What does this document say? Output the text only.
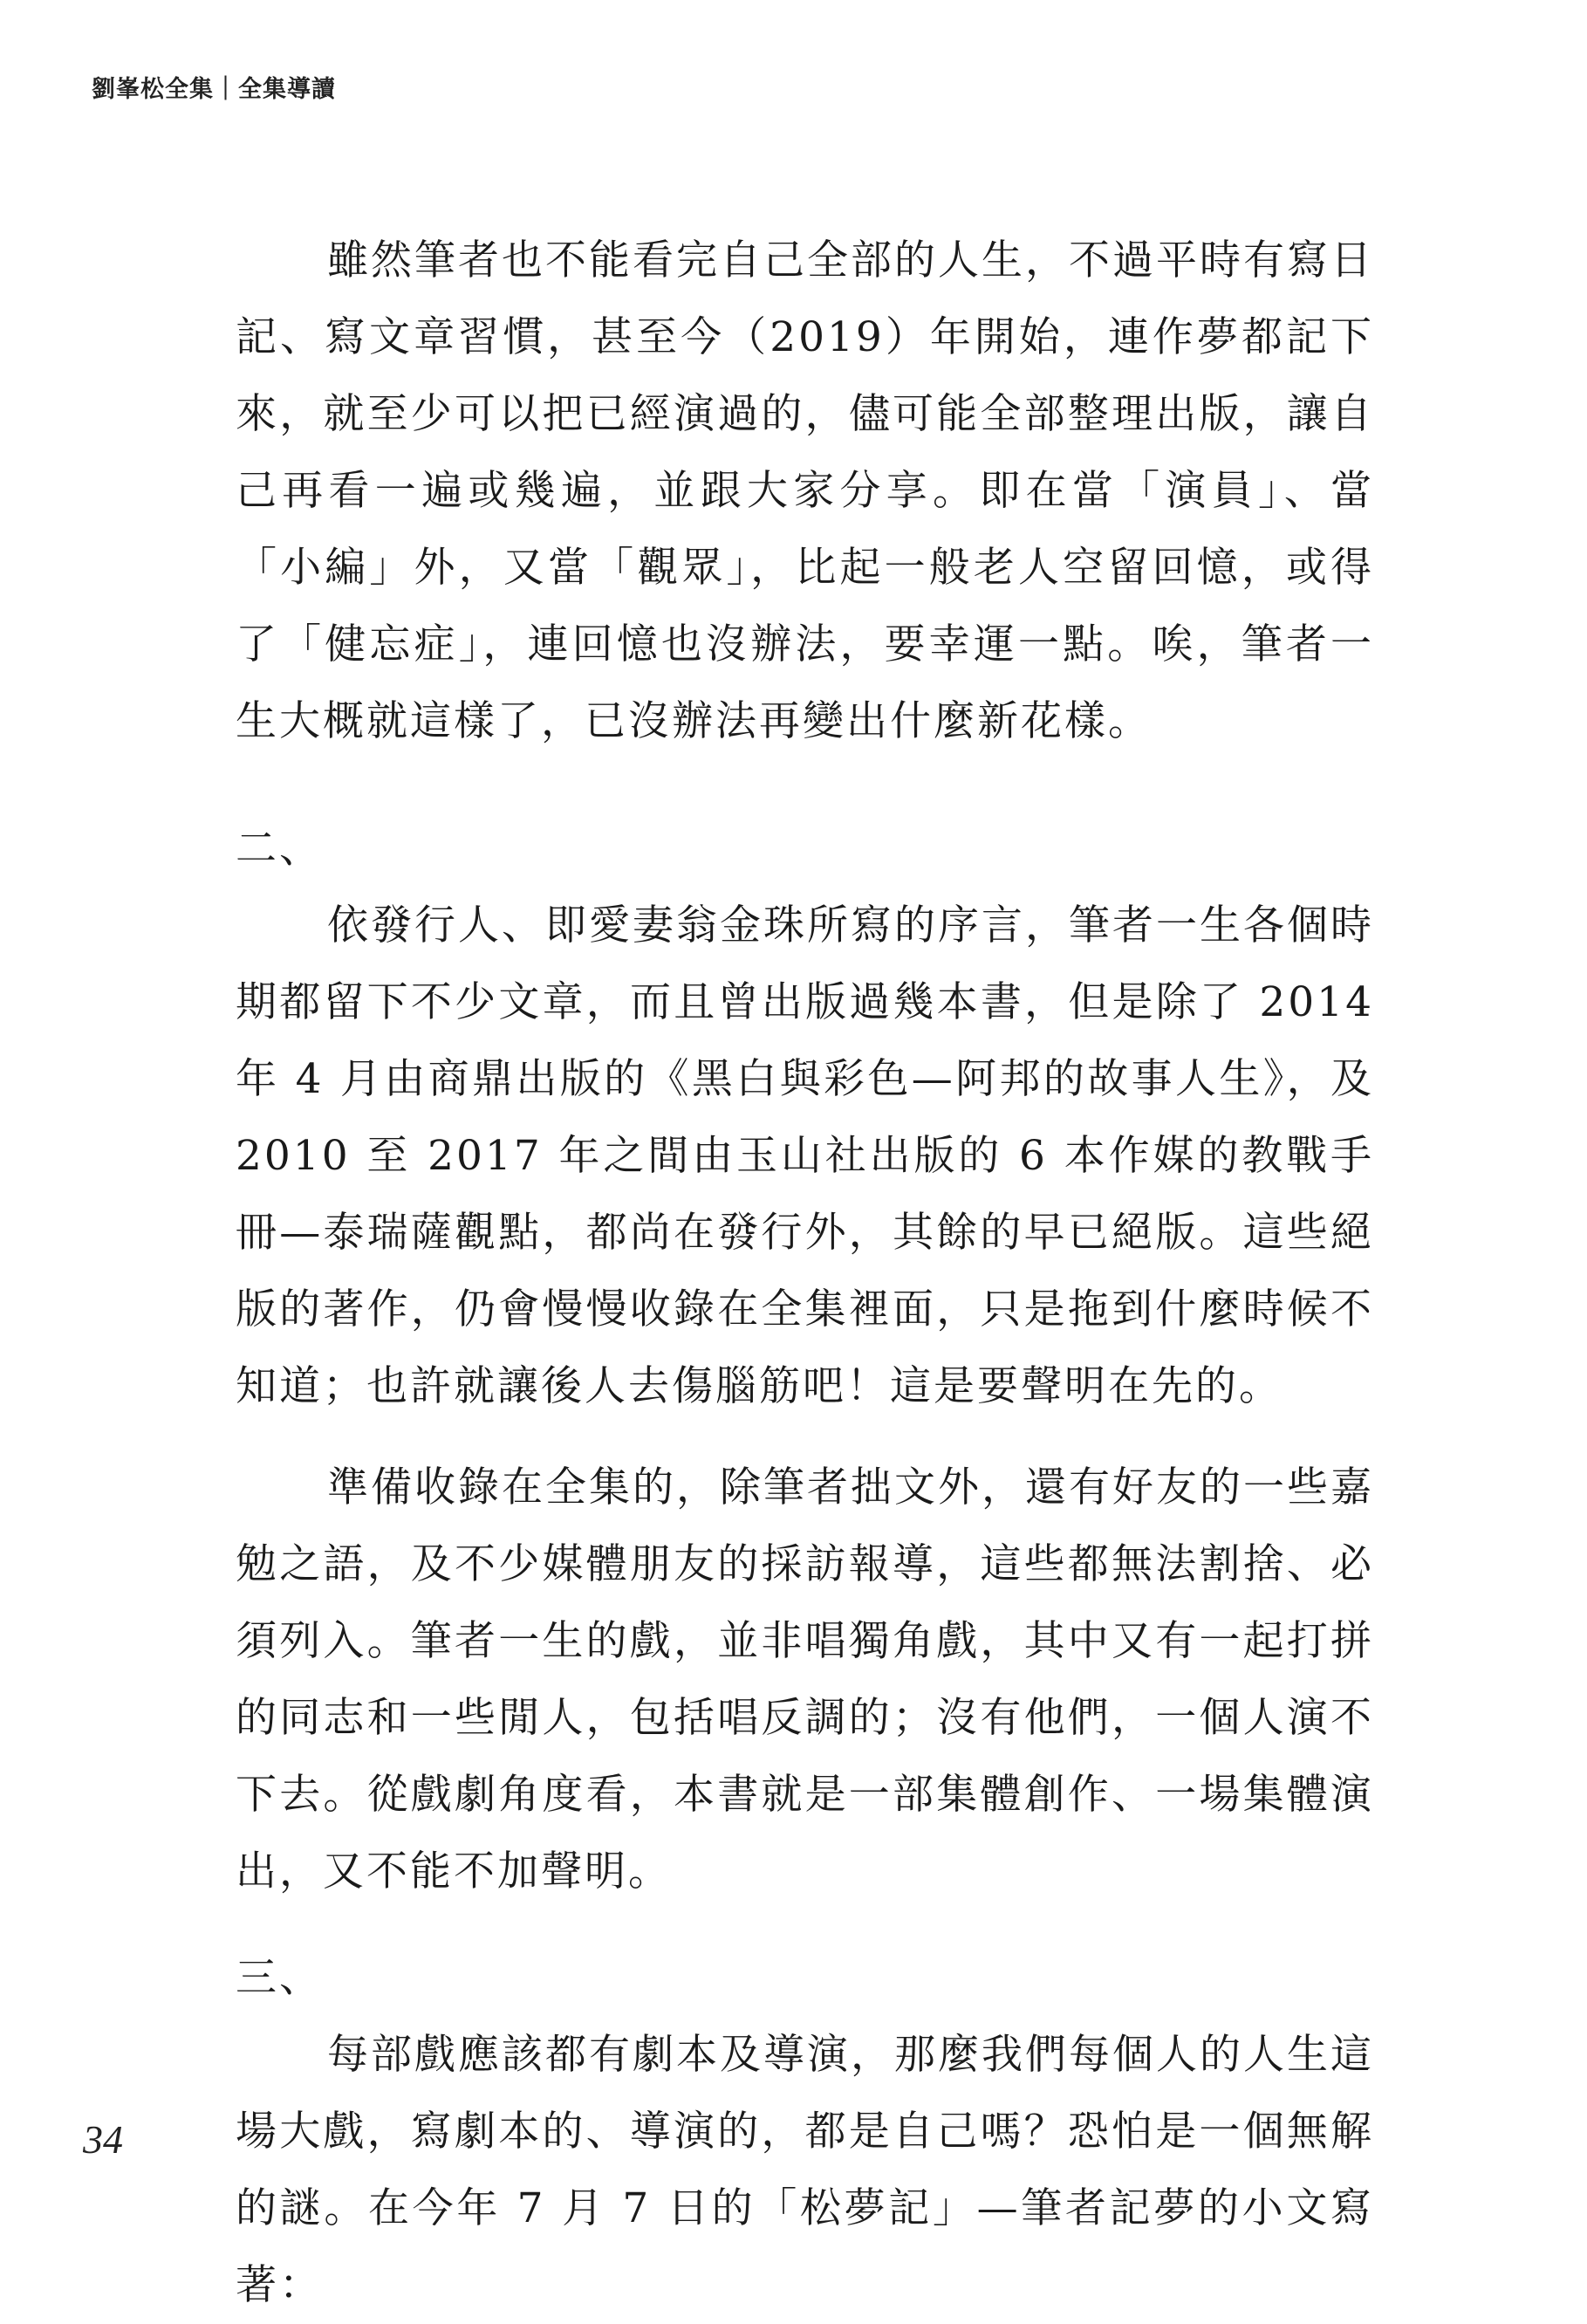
劉峯松全集｜全集導讀

雖然筆者也不能看完自己全部的人生，不過平時有寫日記、寫文章習慣，甚至今（2019）年開始，連作夢都記下來，就至少可以把已經演過的，儘可能全部整理出版，讓自己再看一遍或幾遍，並跟大家分享。即在當「演員」、當「小編」外，又當「觀眾」，比起一般老人空留回憶，或得了「健忘症」，連回憶也沒辦法，要幸運一點。唉，筆者一生大概就這樣了，已沒辦法再變出什麼新花樣。

二、

依發行人、即愛妻翁金珠所寫的序言，筆者一生各個時期都留下不少文章，而且曾出版過幾本書，但是除了 2014 年 4 月由商鼎出版的《黑白與彩色—阿邦的故事人生》，及 2010 至 2017 年之間由玉山社出版的 6 本作媒的教戰手冊—泰瑞薩觀點，都尚在發行外，其餘的早已絕版。這些絕版的著作，仍會慢慢收錄在全集裡面，只是拖到什麼時候不知道；也許就讓後人去傷腦筋吧！這是要聲明在先的。

準備收錄在全集的，除筆者拙文外，還有好友的一些嘉勉之語，及不少媒體朋友的採訪報導，這些都無法割捨、必須列入。筆者一生的戲，並非唱獨角戲，其中又有一起打拼的同志和一些閒人，包括唱反調的；沒有他們，一個人演不下去。從戲劇角度看，本書就是一部集體創作、一場集體演出，又不能不加聲明。

三、

每部戲應該都有劇本及導演，那麼我們每個人的人生這場大戲，寫劇本的、導演的，都是自己嗎？恐怕是一個無解的謎。在今年 7 月 7 日的「松夢記」—筆者記夢的小文寫著：

34
